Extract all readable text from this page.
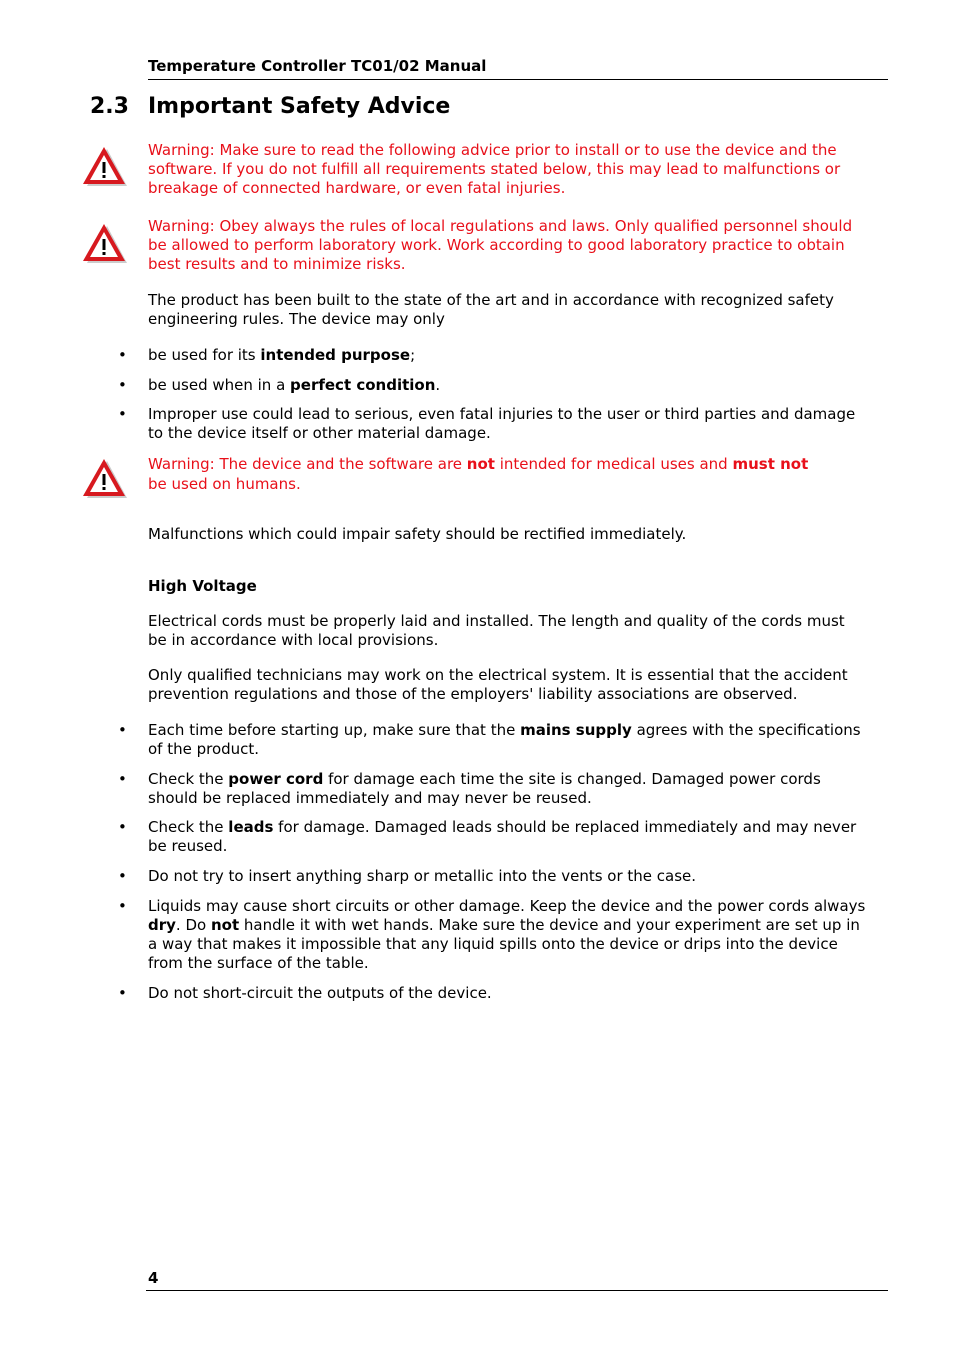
Temperature Controller TC01/02 Manual
2.3 Important Safety Advice
Warning: Make sure to read the following advice prior to install or to use the device and the software. If you do not fulfill all requirements stated below, this may lead to malfunctions or breakage of connected hardware, or even fatal injuries.
Warning: Obey always the rules of local regulations and laws. Only qualified personnel should be allowed to perform laboratory work. Work according to good laboratory practice to obtain best results and to minimize risks.
The product has been built to the state of the art and in accordance with recognized safety engineering rules. The device may only
• be used for its intended purpose;
• be used when in a perfect condition.
• Improper use could lead to serious, even fatal injuries to the user or third parties and damage to the device itself or other material damage.
Warning: The device and the software are not intended for medical uses and must not be used on humans.
Malfunctions which could impair safety should be rectified immediately.
High Voltage
Electrical cords must be properly laid and installed. The length and quality of the cords must be in accordance with local provisions.
Only qualified technicians may work on the electrical system. It is essential that the accident prevention regulations and those of the employers' liability associations are observed.
• Each time before starting up, make sure that the mains supply agrees with the specifications of the product.
• Check the power cord for damage each time the site is changed. Damaged power cords should be replaced immediately and may never be reused.
• Check the leads for damage. Damaged leads should be replaced immediately and may never be reused.
• Do not try to insert anything sharp or metallic into the vents or the case.
• Liquids may cause short circuits or other damage. Keep the device and the power cords always dry. Do not handle it with wet hands. Make sure the device and your experiment are set up in a way that makes it impossible that any liquid spills onto the device or drips into the device from the surface of the table.
• Do not short-circuit the outputs of the device.
4
